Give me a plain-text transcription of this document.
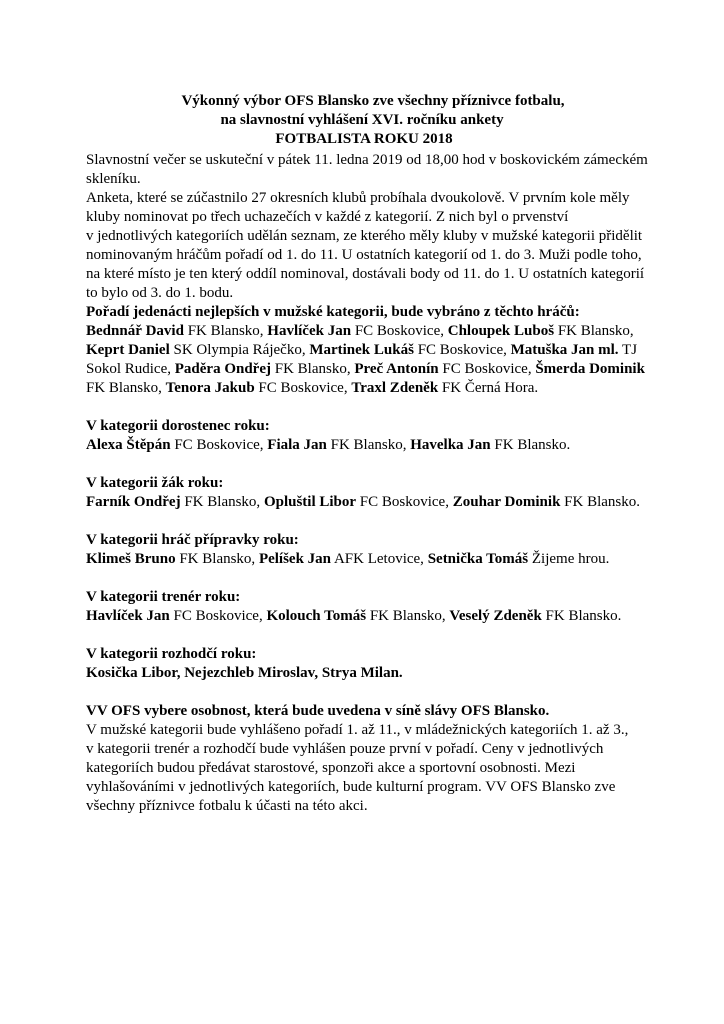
Výkonný výbor OFS Blansko zve všechny příznivce fotbalu,
na slavnostní vyhlášení XVI. ročníku ankety
FOTBALISTA ROKU 2018
Slavnostní večer se uskuteční v pátek 11. ledna 2019 od 18,00 hod v boskovickém zámeckém
skleníku.
Anketa, které se zúčastnilo 27 okresních klubů probíhala dvoukolově. V prvním kole měly
kluby nominovat po třech uchazečích v každé z kategorií. Z nich byl o prvenství
v jednotlivých kategoriích udělán seznam, ze kterého měly kluby v mužské kategorii přidělit
nominovaným hráčům pořadí od 1. do 11. U ostatních kategorií od 1. do 3. Muži podle toho,
na které místo je ten který oddíl nominoval, dostávali body od 11. do 1. U ostatních kategorií
to bylo od 3. do 1. bodu.
Pořadí jedenácti nejlepších v mužské kategorii, bude vybráno z těchto hráčů:
Bednnář David FK Blansko, Havlíček Jan FC Boskovice, Chloupek Luboš FK Blansko,
Keprt Daniel SK Olympia Ráječko, Martinek Lukáš FC Boskovice, Matuška Jan ml. TJ
Sokol Rudice, Paděra Ondřej FK Blansko, Preč Antonín FC Boskovice, Šmerda Dominik
FK Blansko, Tenora Jakub FC Boskovice, Traxl Zdeněk FK Černá Hora.
V kategorii dorostenec roku:
Alexa Štěpán FC Boskovice, Fiala Jan FK Blansko, Havelka Jan FK Blansko.
V kategorii žák roku:
Farník Ondřej FK Blansko, Opluštil Libor FC Boskovice, Zouhar Dominik FK Blansko.
V kategorii hráč přípravky roku:
Klimeš Bruno FK Blansko, Pelíšek Jan AFK Letovice, Setnička Tomáš Žijeme hrou.
V kategorii trenér roku:
Havlíček Jan FC Boskovice, Kolouch Tomáš FK Blansko, Veselý Zdeněk FK Blansko.
V kategorii rozhodčí roku:
Kosička Libor, Nejezchleb Miroslav, Strya Milan.
VV OFS vybere osobnost, která bude uvedena v síně slávy OFS Blansko.
V mužské kategorii bude vyhlášeno pořadí 1. až 11., v mládežnických kategoriích 1. až 3.,
v kategorii trenér a rozhodčí bude vyhlášen pouze první v pořadí. Ceny v jednotlivých
kategoriích budou předávat starostové, sponzoři akce a sportovní osobnosti. Mezi
vyhlašováními v jednotlivých kategoriích, bude kulturní program. VV OFS Blansko zve
všechny příznivce fotbalu k účasti na této akci.
